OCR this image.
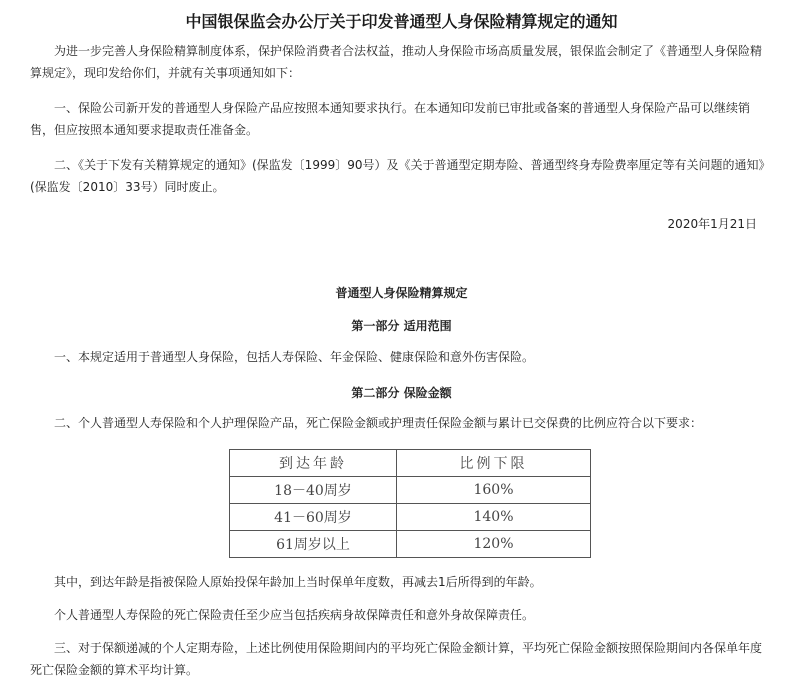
中国银保监会办公厅关于印发普通型人身保险精算规定的通知

为进一步完善人身保险精算制度体系，保护保险消费者合法权益，推动人身保险市场高质量发展，银保监会制定了《普通型人身保险精算规定》，现印发给你们，并就有关事项通知如下：

一、保险公司新开发的普通型人身保险产品应按照本通知要求执行。在本通知印发前已审批或备案的普通型人身保险产品可以继续销售，但应按照本通知要求提取责任准备金。

二、《关于下发有关精算规定的通知》(保监发〔1999〕90号）及《关于普通型定期寿险、普通型终身寿险费率厘定等有关问题的通知》(保监发〔2010〕33号）同时废止。

2020年1月21日

普通型人身保险精算规定

第一部分 适用范围

一、本规定适用于普通型人身保险，包括人寿保险、年金保险、健康保险和意外伤害保险。

第二部分 保险金额

二、个人普通型人寿保险和个人护理保险产品，死亡保险金额或护理责任保险金额与累计已交保费的比例应符合以下要求：

到达年龄	比例下限
18－40周岁	160%
41－60周岁	140%
61周岁以上	120%

其中，到达年龄是指被保险人原始投保年龄加上当时保单年度数，再减去1后所得到的年龄。

个人普通型人寿保险的死亡保险责任至少应当包括疾病身故保障责任和意外身故保障责任。

三、对于保额递减的个人定期寿险，上述比例使用保险期间内的平均死亡保险金额计算，平均死亡保险金额按照保险期间内各保单年度死亡保险金额的算术平均计算。
